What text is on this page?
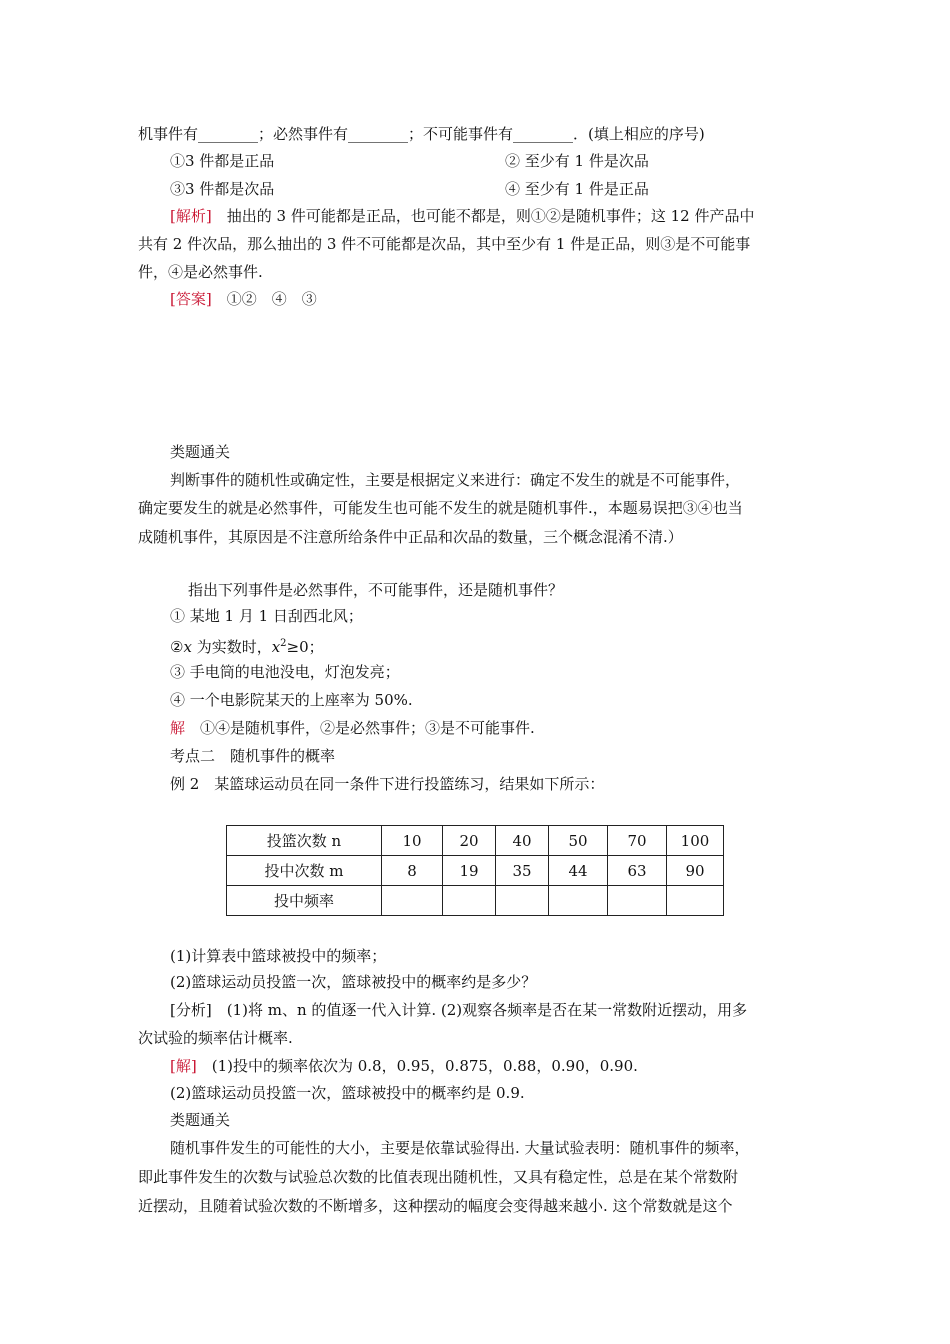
机事件有________；必然事件有________；不可能事件有________．(填上相应的序号)
①3 件都是正品	② 至少有 1 件是次品
③3 件都是次品	④ 至少有 1 件是正品
[解析]　 抽出的 3 件可能都是正品，也可能不都是，则①②是随机事件；这 12 件产品中
共有 2 件次品，那么抽出的 3 件不可能都是次品，其中至少有 1 件是正品，则③是不可能事
件，④是必然事件.
[答案]　 ①②　④　③
类题通关
判断事件的随机性或确定性，主要是根据定义来进行：确定不发生的就是不可能事件，
确定要发生的就是必然事件，可能发生也可能不发生的就是随机事件.，本题易误把③④也当
成随机事件，其原因是不注意所给条件中正品和次品的数量，三个概念混淆不清.）
指出下列事件是必然事件，不可能事件，还是随机事件？
① 某地 1 月 1 日刮西北风；
②x 为实数时，$x^2\ge 0$；
③ 手电筒的电池没电，灯泡发亮；
④ 一个电影院某天的上座率为 50%.
解　 ①④是随机事件，②是必然事件；③是不可能事件.
考点二　随机事件的概率
例 2　某篮球运动员在同一条件下进行投篮练习，结果如下所示：
投篮次数 n	10	20	40	50	70	100
投中次数 m	8	19	35	44	63	90
投中频率						
(1)计算表中篮球被投中的频率；
(2)篮球运动员投篮一次，篮球被投中的概率约是多少？
[分析]　(1)将 m、n 的值逐一代入计算. (2)观察各频率是否在某一常数附近摆动，用多
次试验的频率估计概率.
[解]　 (1)投中的频率依次为 0.8，0.95，0.875，0.88，0.90，0.90.
(2)篮球运动员投篮一次，篮球被投中的概率约是 0.9.
类题通关
随机事件发生的可能性的大小，主要是依靠试验得出. 大量试验表明：随机事件的频率，
即此事件发生的次数与试验总次数的比值表现出随机性，又具有稳定性，总是在某个常数附
近摆动，且随着试验次数的不断增多，这种摆动的幅度会变得越来越小. 这个常数就是这个
